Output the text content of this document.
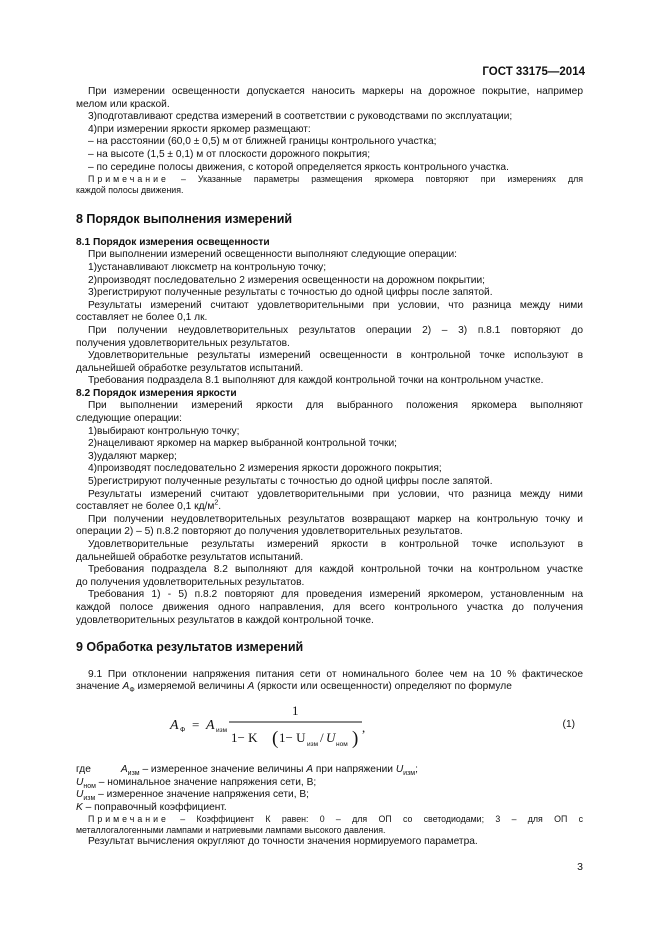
ГОСТ 33175—2014

При измерении освещенности допускается наносить маркеры на дорожное покрытие, например

мелом или краской.

3)подготавливают средства измерений в соответствии с руководствами по эксплуатации;

4)при измерении яркости яркомер размещают:

– на расстоянии (60,0 ± 0,5) м от ближней границы контрольного участка;

– на высоте (1,5 ± 0,1) м от плоскости дорожного покрытия;

– по середине полосы движения, с которой определяется яркость контрольного участка.

Примечание – Указанные параметры размещения яркомера повторяют при измерениях для

каждой полосы движения.

8 Порядок выполнения измерений
8.1 Порядок измерения освещенности

При выполнении измерений освещенности выполняют следующие операции:

1)устанавливают люксметр на контрольную точку;

2)производят последовательно 2 измерения освещенности на дорожном покрытии;

3)регистрируют полученные результаты с точностью до одной цифры после запятой.

Результаты измерений считают удовлетворительными при условии, что разница между ними

составляет не более 0,1 лк.

При получении неудовлетворительных результатов операции 2) – 3) п.8.1 повторяют до

получения удовлетворительных результатов.

Удовлетворительные результаты измерений освещенности в контрольной точке используют в

дальнейшей обработке результатов испытаний.

Требования подраздела 8.1 выполняют для каждой контрольной точки на контрольном участке.

8.2 Порядок измерения яркости

При выполнении измерений яркости для выбранного положения яркомера выполняют

следующие операции:

1)выбирают контрольную точку;

2)нацеливают яркомер на маркер выбранной контрольной точки;

3)удаляют маркер;

4)производят последовательно 2 измерения яркости дорожного покрытия;

5)регистрируют полученные результаты с точностью до одной цифры после запятой.

Результаты измерений считают удовлетворительными при условии, что разница между ними

составляет не более 0,1 $кд/м^2$.

При получении неудовлетворительных результатов возвращают маркер на контрольную точку и

операции 2) – 5) п.8.2 повторяют до получения удовлетворительных результатов.

Удовлетворительные результаты измерений яркости в контрольной точке используют в

дальнейшей обработке результатов испытаний.

Требования подраздела 8.2 выполняют для каждой контрольной точки на контрольном участке

до получения удовлетворительных результатов.

Требования 1) - 5) п.8.2 повторяют для проведения измерений яркомером, установленным на

каждой полосе движения одного направления, для всего контрольного участка до получения

удовлетворительных результатов в каждой контрольной точке.

9 Обработка результатов измерений

9.1 При отклонении напряжения питания сети от номинального более чем на 10 % фактическое

значение $A_Ф$ измеряемой величины A (яркости или освещенности) определяют по формуле

A Ф = A изм
1
1− K ( 1− U изм / U ном )
,	(1)

где	$A_{изм}$ – измеренное значение величины A при напряжении $U_{изм}$;

$U_{ном}$ – номинальное значение напряжения сети, В;

$U_{изм}$ – измеренное значение напряжения сети, В;

K – поправочный коэффициент.

Примечание – Коэффициент К равен: 0 – для ОП со светодиодами; 3 – для ОП с

металлогалогенными лампами и натриевыми лампами высокого давления.

Результат вычисления округляют до точности значения нормируемого параметра.

3
